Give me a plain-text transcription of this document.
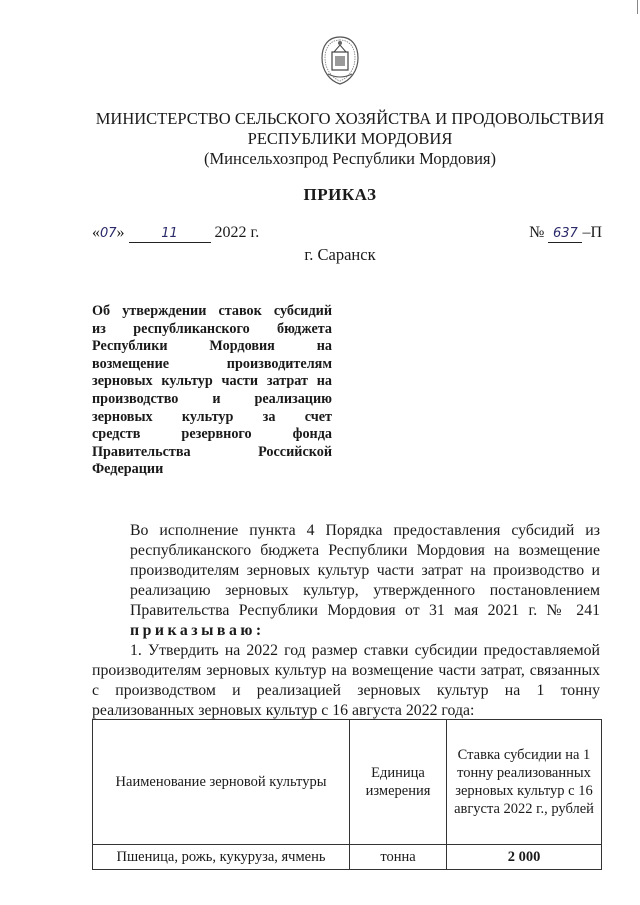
МИНИСТЕРСТВО СЕЛЬСКОГО ХОЗЯЙСТВА И ПРОДОВОЛЬСТВИЯ
РЕСПУБЛИКИ МОРДОВИЯ
(Минсельхозпрод Республики Мордовия)
ПРИКАЗ
«07»	11 2022 г.	№ 637 –П
г. Саранск
Об утверждении ставок субсидий
из республиканского бюджета
Республики Мордовия на
возмещение производителям
зерновых культур части затрат на
производство и реализацию
зерновых культур за счет
средств резервного фонда
Правительства Российской
Федерации
Во исполнение пункта 4 Порядка предоставления субсидий из
республиканского бюджета Республики Мордовия на возмещение
производителям зерновых культур части затрат на производство и
реализацию зерновых культур, утвержденного постановлением
Правительства Республики Мордовия от 31 мая 2021 г. № 241
приказываю:
1. Утвердить на 2022 год размер ставки субсидии предоставляемой производителям зерновых культур на возмещение части затрат, связанных с производством и реализацией зерновых культур на 1 тонну реализованных зерновых культур с 16 августа 2022 года:
Наименование зерновой культуры	Единица измерения	Ставка субсидии на 1 тонну реализованных зерновых культур с 16 августа 2022 г., рублей
Пшеница, рожь, кукуруза, ячмень	тонна	2 000
